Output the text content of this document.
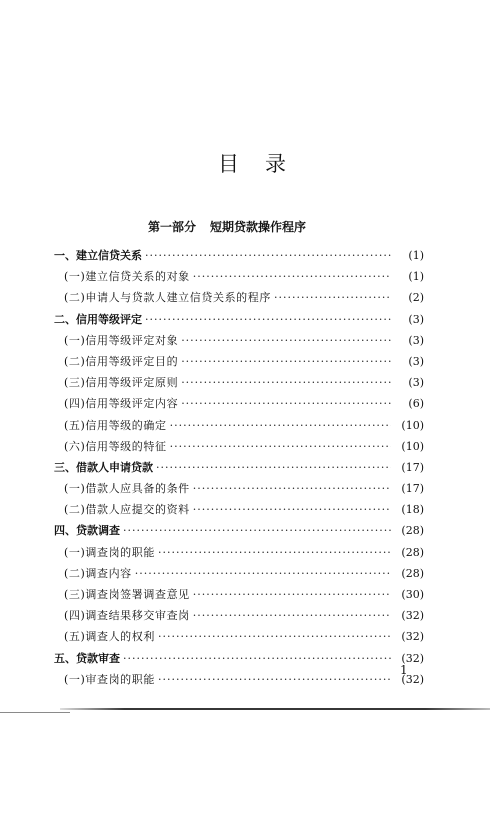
目录
第一部分 短期贷款操作程序
一、建立信贷关系 ·····	(1)
(一)建立信贷关系的对象 ·····	(1)
(二)申请人与贷款人建立信贷关系的程序 ·····	(2)
二、信用等级评定 ·····	(3)
(一)信用等级评定对象 ·····	(3)
(二)信用等级评定目的 ·····	(3)
(三)信用等级评定原则 ·····	(3)
(四)信用等级评定内容 ·····	(6)
(五)信用等级的确定 ·····	(10)
(六)信用等级的特征 ·····	(10)
三、借款人申请贷款 ·····	(17)
(一)借款人应具备的条件 ·····	(17)
(二)借款人应提交的资料 ·····	(18)
四、贷款调查 ·····	(28)
(一)调查岗的职能 ·····	(28)
(二)调查内容 ·····	(28)
(三)调查岗签署调查意见 ·····	(30)
(四)调查结果移交审查岗 ·····	(32)
(五)调查人的权利 ·····	(32)
五、贷款审查 ·····	(32)
(一)审查岗的职能 ·····	(32)
1
